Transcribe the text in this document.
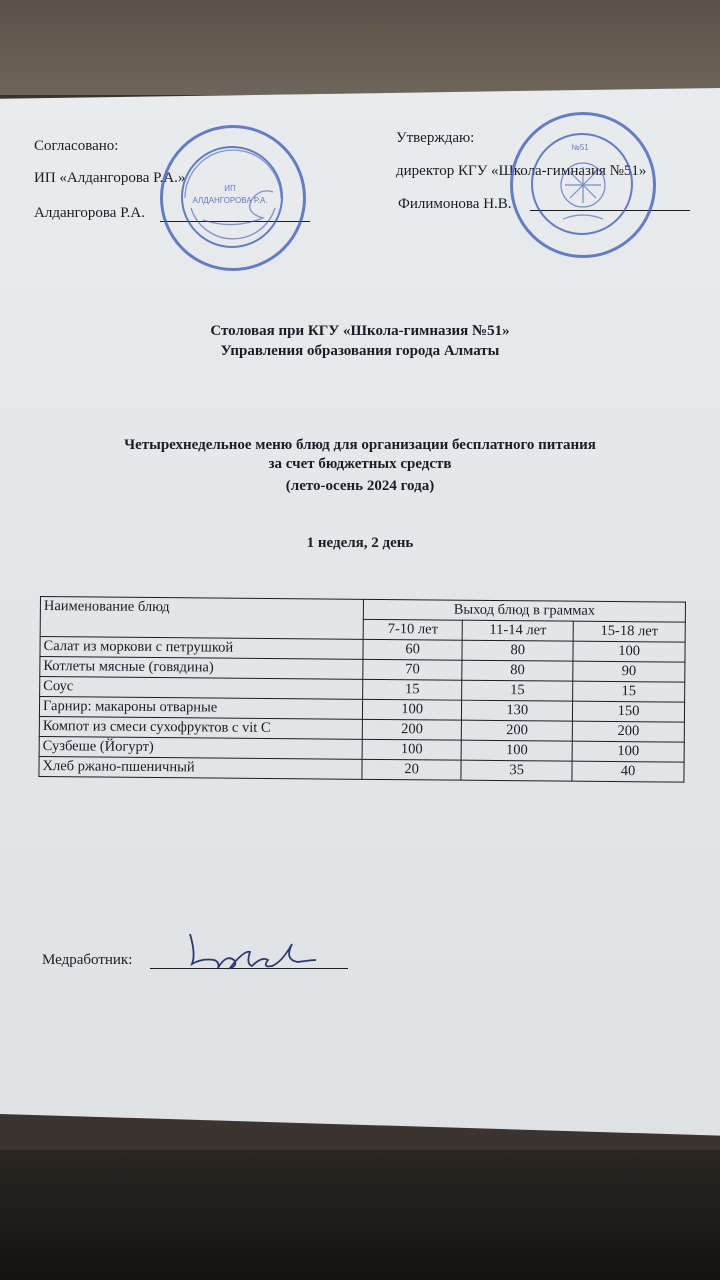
Согласовано:
ИП «Алдангорова Р.А.»
Алдангорова Р.А.
Утверждаю:
директор КГУ «Школа-гимназия №51»
Филимонова Н.В.
ИП
АЛДАНГОРОВА Р.А.
№51
Столовая при КГУ «Школа-гимназия №51»
Управления образования города Алматы
Четырехнедельное меню блюд для организации бесплатного питания
за счет бюджетных средств
(лето-осень 2024 года)
1 неделя, 2 день
Наименование блюд	Выход блюд в граммах		
	7-10 лет	11-14 лет	15-18 лет
Салат из моркови с петрушкой	60	80	100
Котлеты мясные (говядина)	70	80	90
Соус	15	15	15
Гарнир: макароны отварные	100	130	150
Компот из смеси сухофруктов с vit C	200	200	200
Сузбеше (Йогурт)	100	100	100
Хлеб ржано-пшеничный	20	35	40
Медработник:
